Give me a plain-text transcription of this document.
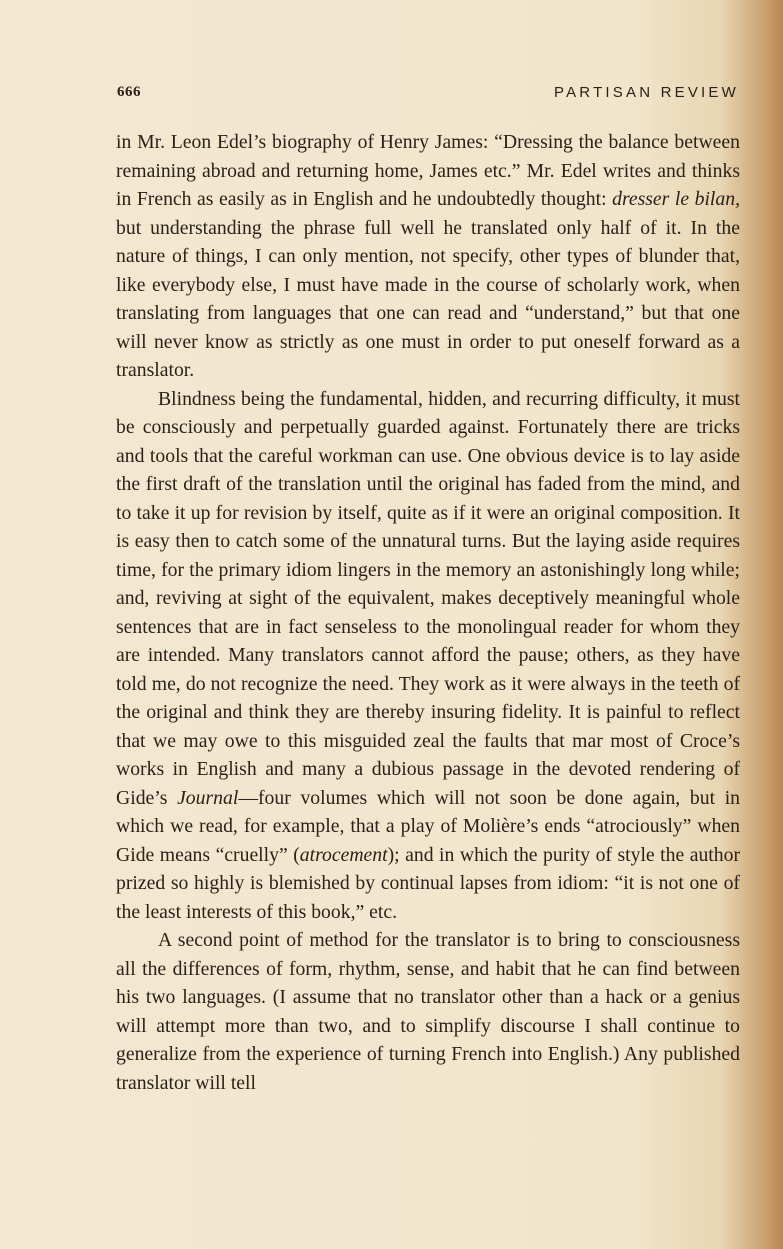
666	PARTISAN REVIEW

in Mr. Leon Edel’s biography of Henry James: “Dressing the balance between remaining abroad and returning home, James etc.” Mr. Edel writes and thinks in French as easily as in English and he undoubtedly thought: dresser le bilan, but understanding the phrase full well he translated only half of it. In the nature of things, I can only mention, not specify, other types of blunder that, like everybody else, I must have made in the course of scholarly work, when translating from languages that one can read and “understand,” but that one will never know as strictly as one must in order to put oneself forward as a translator.

Blindness being the fundamental, hidden, and recurring difficulty, it must be consciously and perpetually guarded against. Fortunately there are tricks and tools that the careful workman can use. One obvious device is to lay aside the first draft of the translation until the original has faded from the mind, and to take it up for revision by itself, quite as if it were an original composition. It is easy then to catch some of the unnatural turns. But the laying aside requires time, for the primary idiom lingers in the memory an astonishingly long while; and, reviving at sight of the equivalent, makes deceptively meaningful whole sentences that are in fact senseless to the monolingual reader for whom they are intended. Many translators cannot afford the pause; others, as they have told me, do not recognize the need. They work as it were always in the teeth of the original and think they are thereby insuring fidelity. It is painful to reflect that we may owe to this misguided zeal the faults that mar most of Croce’s works in English and many a dubious passage in the devoted rendering of Gide’s Journal—four volumes which will not soon be done again, but in which we read, for example, that a play of Molière’s ends “atrociously” when Gide means “cruelly” (atrocement); and in which the purity of style the author prized so highly is blemished by continual lapses from idiom: “it is not one of the least interests of this book,” etc.

A second point of method for the translator is to bring to consciousness all the differences of form, rhythm, sense, and habit that he can find between his two languages. (I assume that no translator other than a hack or a genius will attempt more than two, and to simplify discourse I shall continue to generalize from the experience of turning French into English.) Any published translator will tell
